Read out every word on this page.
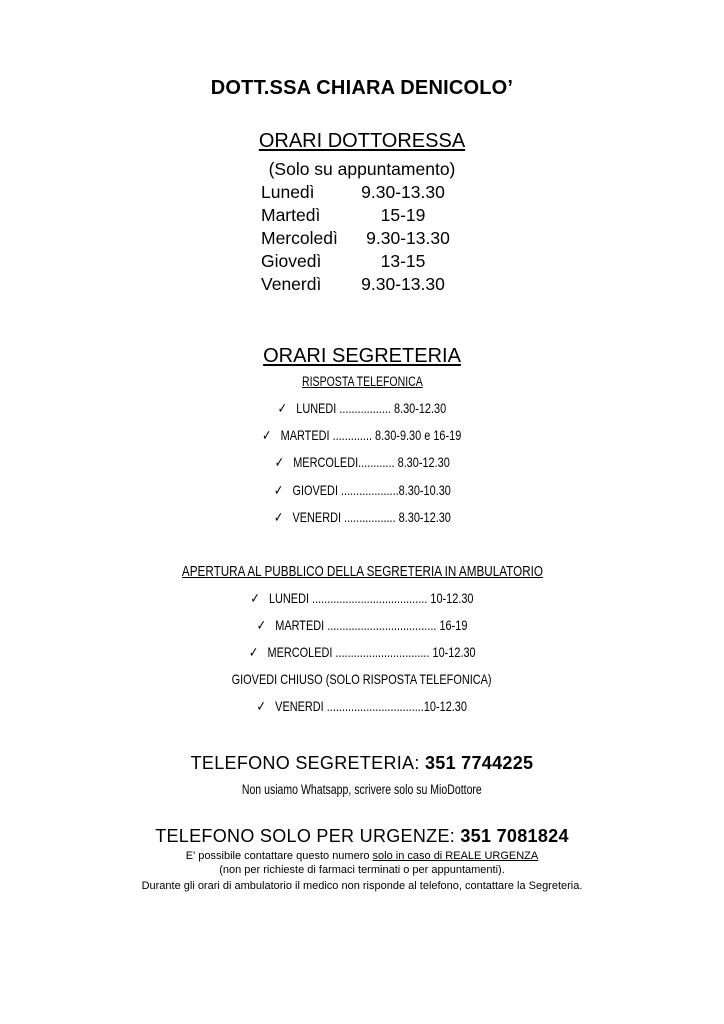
DOTT.SSA CHIARA DENICOLO’
ORARI DOTTORESSA
(Solo su appuntamento)
Lunedì	9.30-13.30
Martedì	15-19
Mercoledì	9.30-13.30
Giovedì	13-15
Venerdì	9.30-13.30
ORARI SEGRETERIA
RISPOSTA TELEFONICA
✓ LUNEDI ................. 8.30-12.30
✓ MARTEDI ............. 8.30-9.30 e 16-19
✓ MERCOLEDI............ 8.30-12.30
✓ GIOVEDI ...................8.30-10.30
✓ VENERDI ................. 8.30-12.30
APERTURA AL PUBBLICO DELLA SEGRETERIA IN AMBULATORIO
✓ LUNEDI ...................................... 10-12.30
✓ MARTEDI .................................... 16-19
✓ MERCOLEDI ............................... 10-12.30
GIOVEDI CHIUSO (SOLO RISPOSTA TELEFONICA)
✓ VENERDI ................................10-12.30
TELEFONO SEGRETERIA: 351 7744225
Non usiamo Whatsapp, scrivere solo su MioDottore
TELEFONO SOLO PER URGENZE: 351 7081824
E' possibile contattare questo numero solo in caso di REALE URGENZA
(non per richieste di farmaci terminati o per appuntamenti).
Durante gli orari di ambulatorio il medico non risponde al telefono, contattare la Segreteria.
